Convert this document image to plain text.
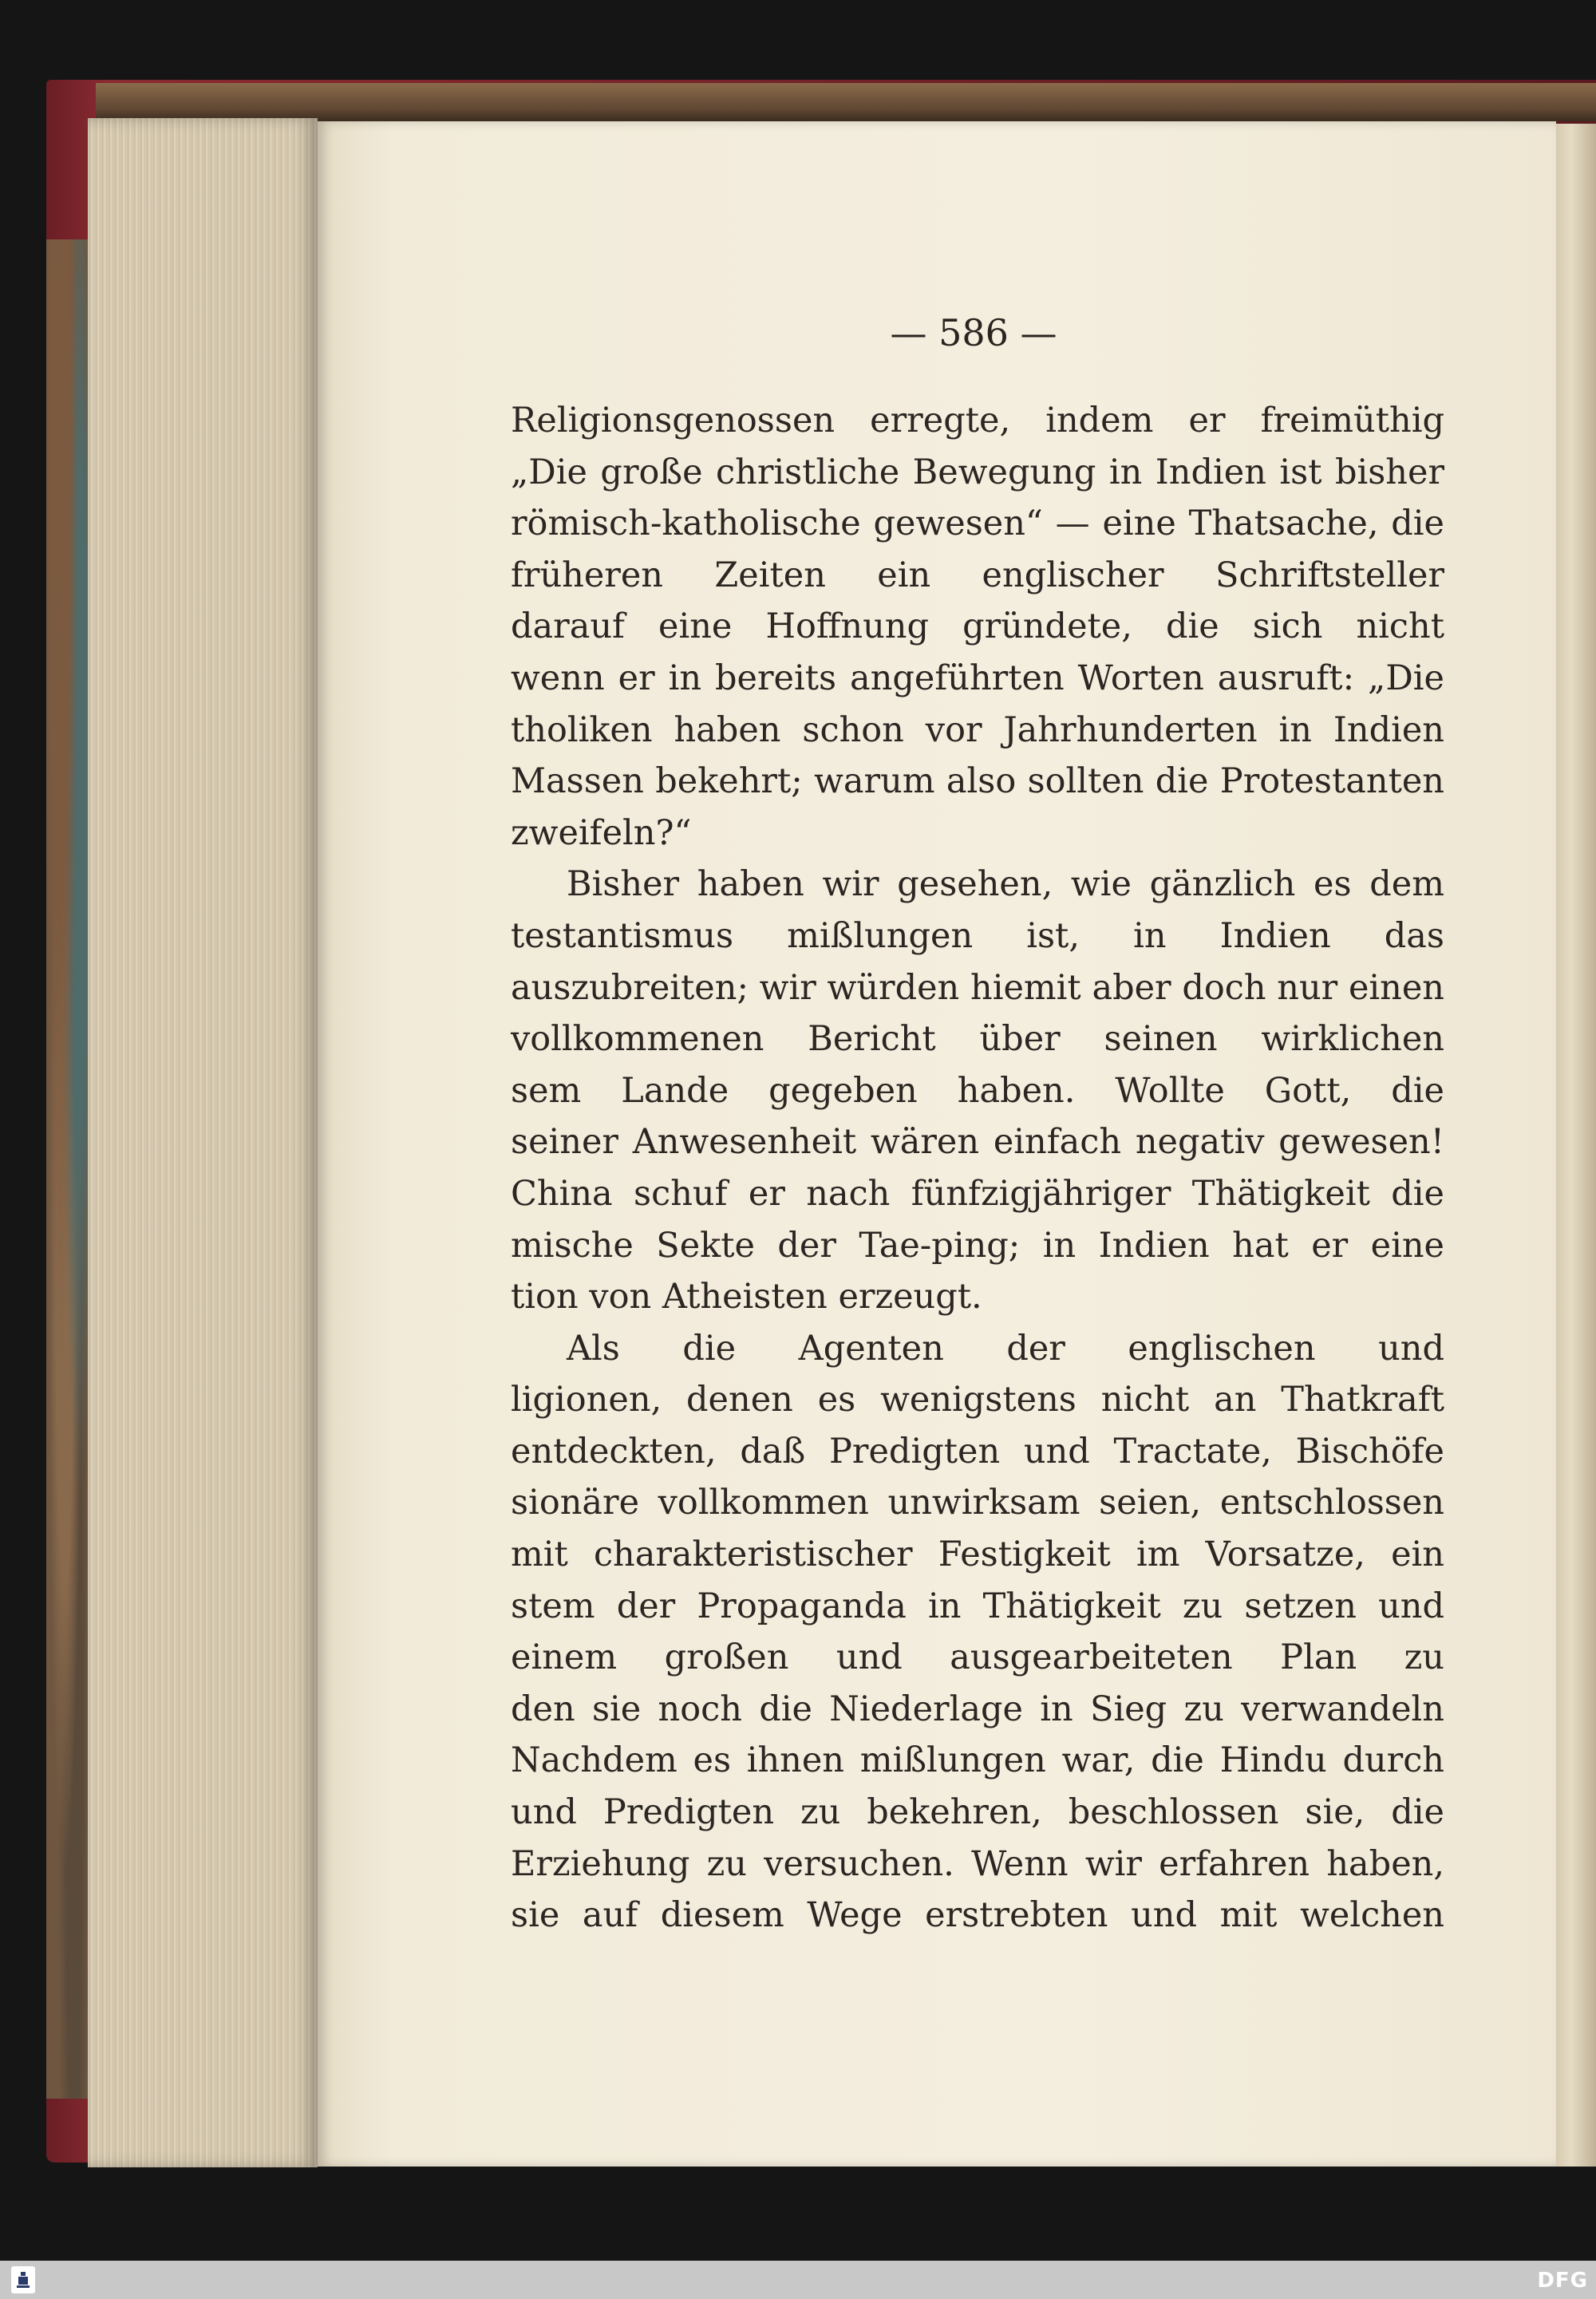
— 586 —
Religionsgenossen erregte, indem er freimüthig
„Die große christliche Bewegung in Indien ist bisher
römisch-katholische gewesen“ — eine Thatsache, die
früheren Zeiten ein englischer Schriftsteller
darauf eine Hoffnung gründete, die sich nicht
wenn er in bereits angeführten Worten ausruft: „Die
tholiken haben schon vor Jahrhunderten in Indien
Massen bekehrt; warum also sollten die Protestanten
zweifeln?“
Bisher haben wir gesehen, wie gänzlich es dem
testantismus mißlungen ist, in Indien das
auszubreiten; wir würden hiemit aber doch nur einen
vollkommenen Bericht über seinen wirklichen
sem Lande gegeben haben. Wollte Gott, die
seiner Anwesenheit wären einfach negativ gewesen!
China schuf er nach fünfzigjähriger Thätigkeit die
mische Sekte der Tae-ping; in Indien hat er eine
tion von Atheisten erzeugt.
Als die Agenten der englischen und
ligionen, denen es wenigstens nicht an Thatkraft
entdeckten, daß Predigten und Tractate, Bischöfe
sionäre vollkommen unwirksam seien, entschlossen
mit charakteristischer Festigkeit im Vorsatze, ein
stem der Propaganda in Thätigkeit zu setzen und
einem großen und ausgearbeiteten Plan zu
den sie noch die Niederlage in Sieg zu verwandeln
Nachdem es ihnen mißlungen war, die Hindu durch
und Predigten zu bekehren, beschlossen sie, die
Erziehung zu versuchen. Wenn wir erfahren haben,
sie auf diesem Wege erstrebten und mit welchen
DFG
